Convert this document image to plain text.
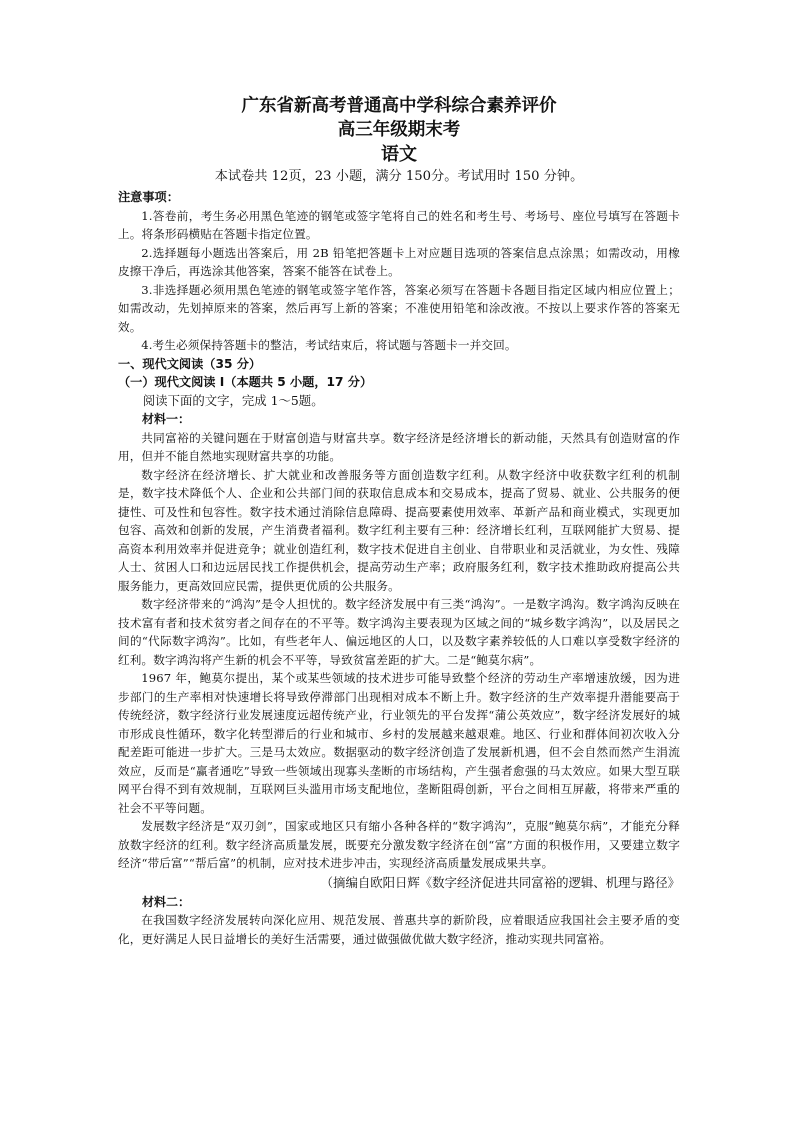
广东省新高考普通高中学科综合素养评价
高三年级期末考
语文

本试卷共 12页，23 小题，满分 150分。考试用时 150 分钟。

注意事项：

1.答卷前，考生务必用黑色笔迹的钢笔或签字笔将自己的姓名和考生号、考场号、座位号填写在答题卡上。将条形码横贴在答题卡指定位置。

2.选择题每小题选出答案后，用 2B 铅笔把答题卡上对应题目选项的答案信息点涂黑；如需改动，用橡皮擦干净后，再选涂其他答案，答案不能答在试卷上。

3.非选择题必须用黑色笔迹的钢笔或签字笔作答，答案必须写在答题卡各题目指定区域内相应位置上；如需改动，先划掉原来的答案，然后再写上新的答案；不准使用铅笔和涂改液。不按以上要求作答的答案无效。

4.考生必须保持答题卡的整洁，考试结束后，将试题与答题卡一并交回。

一、现代文阅读（35 分）

（一）现代文阅读 I（本题共 5 小题，17 分）

阅读下面的文字，完成 1～5题。

材料一：

共同富裕的关键问题在于财富创造与财富共享。数字经济是经济增长的新动能，天然具有创造财富的作用，但并不能自然地实现财富共享的功能。

数字经济在经济增长、扩大就业和改善服务等方面创造数字红利。从数字经济中收获数字红利的机制是，数字技术降低个人、企业和公共部门间的获取信息成本和交易成本，提高了贸易、就业、公共服务的便捷性、可及性和包容性。数字技术通过消除信息障碍、提高要素使用效率、革新产品和商业模式，实现更加包容、高效和创新的发展，产生消费者福利。数字红利主要有三种：经济增长红利，互联网能扩大贸易、提高资本利用效率并促进竞争；就业创造红利，数字技术促进自主创业、自带职业和灵活就业，为女性、残障人士、贫困人口和边远居民找工作提供机会，提高劳动生产率；政府服务红利，数字技术推助政府提高公共服务能力，更高效回应民需，提供更优质的公共服务。

数字经济带来的“鸿沟”是令人担忧的。数字经济发展中有三类“鸿沟”。一是数字鸿沟。数字鸿沟反映在技术富有者和技术贫穷者之间存在的不平等。数字鸿沟主要表现为区域之间的“城乡数字鸿沟”，以及居民之间的“代际数字鸿沟”。比如，有些老年人、偏远地区的人口，以及数字素养较低的人口难以享受数字经济的红利。数字鸿沟将产生新的机会不平等，导致贫富差距的扩大。二是“鲍莫尔病”。

1967 年，鲍莫尔提出，某个或某些领域的技术进步可能导致整个经济的劳动生产率增速放缓，因为进步部门的生产率相对快速增长将导致停滞部门出现相对成本不断上升。数字经济的生产效率提升潜能要高于传统经济，数字经济行业发展速度远超传统产业，行业领先的平台发挥“蒲公英效应”，数字经济发展好的城市形成良性循环，数字化转型滞后的行业和城市、乡村的发展越来越艰难。地区、行业和群体间初次收入分配差距可能进一步扩大。三是马太效应。数据驱动的数字经济创造了发展新机遇，但不会自然而然产生涓流效应，反而是“赢者通吃”导致一些领域出现寡头垄断的市场结构，产生强者愈强的马太效应。如果大型互联网平台得不到有效规制，互联网巨头滥用市场支配地位，垄断阻碍创新，平台之间相互屏蔽，将带来严重的社会不平等问题。

发展数字经济是“双刃剑”，国家或地区只有缩小各种各样的“数字鸿沟”，克服“鲍莫尔病”，才能充分释放数字经济的红利。数字经济高质量发展，既要充分激发数字经济在创“富”方面的积极作用，又要建立数字经济“带后富”“帮后富”的机制，应对技术进步冲击，实现经济高质量发展成果共享。

（摘编自欧阳日辉《数字经济促进共同富裕的逻辑、机理与路径》

材料二：

在我国数字经济发展转向深化应用、规范发展、普惠共享的新阶段，应着眼适应我国社会主要矛盾的变化，更好满足人民日益增长的美好生活需要，通过做强做优做大数字经济，推动实现共同富裕。
